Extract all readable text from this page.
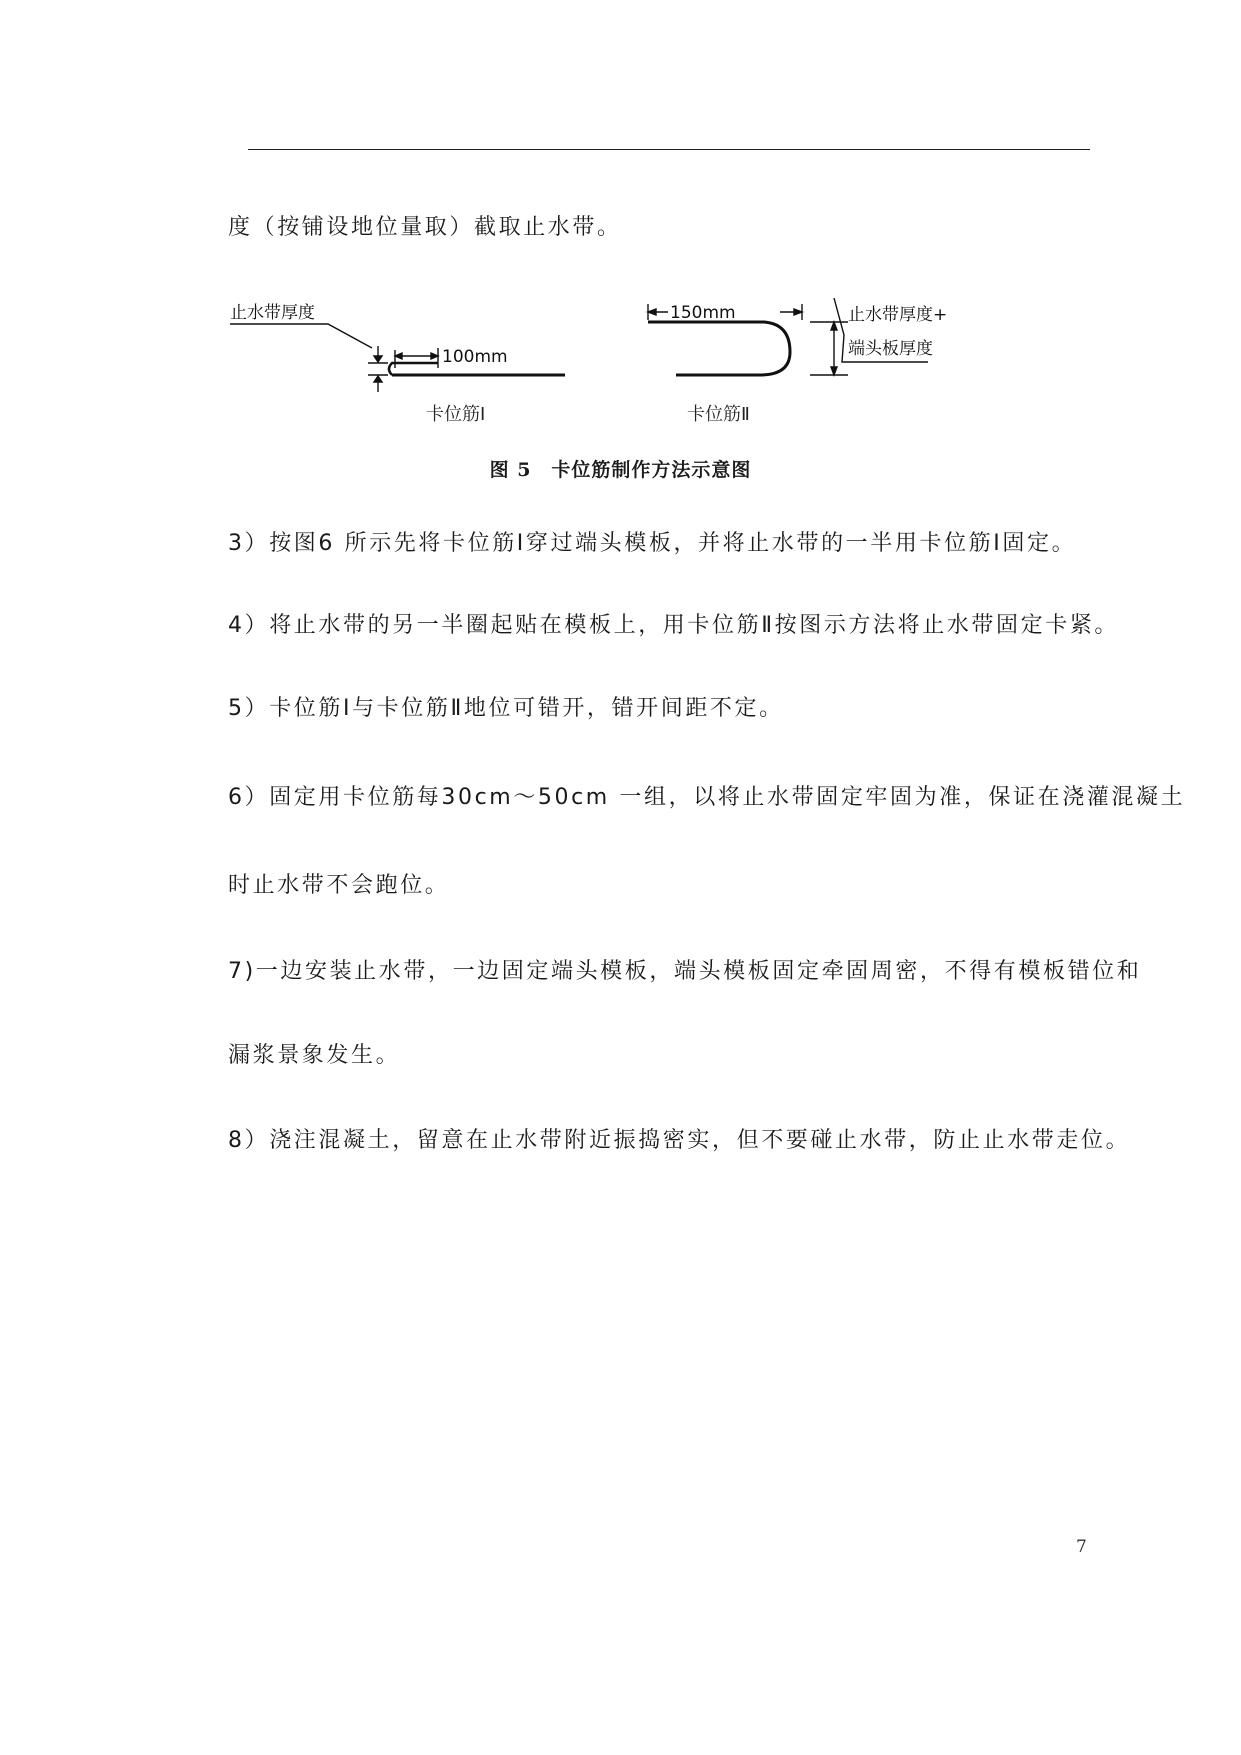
度（按铺设地位量取）截取止水带。
止水带厚度
100mm
卡位筋Ⅰ
150mm	止水带厚度+
端头板厚度
卡位筋Ⅱ
图 5　卡位筋制作方法示意图
3）按图6 所示先将卡位筋Ⅰ穿过端头模板，并将止水带的一半用卡位筋Ⅰ固定。
4）将止水带的另一半圈起贴在模板上，用卡位筋Ⅱ按图示方法将止水带固定卡紧。
5）卡位筋Ⅰ与卡位筋Ⅱ地位可错开，错开间距不定。
6）固定用卡位筋每30cm～50cm 一组，以将止水带固定牢固为准，保证在浇灌混凝土
时止水带不会跑位。
7)一边安装止水带，一边固定端头模板，端头模板固定牵固周密，不得有模板错位和
漏浆景象发生。
8）浇注混凝土，留意在止水带附近振捣密实，但不要碰止水带，防止止水带走位。
7
